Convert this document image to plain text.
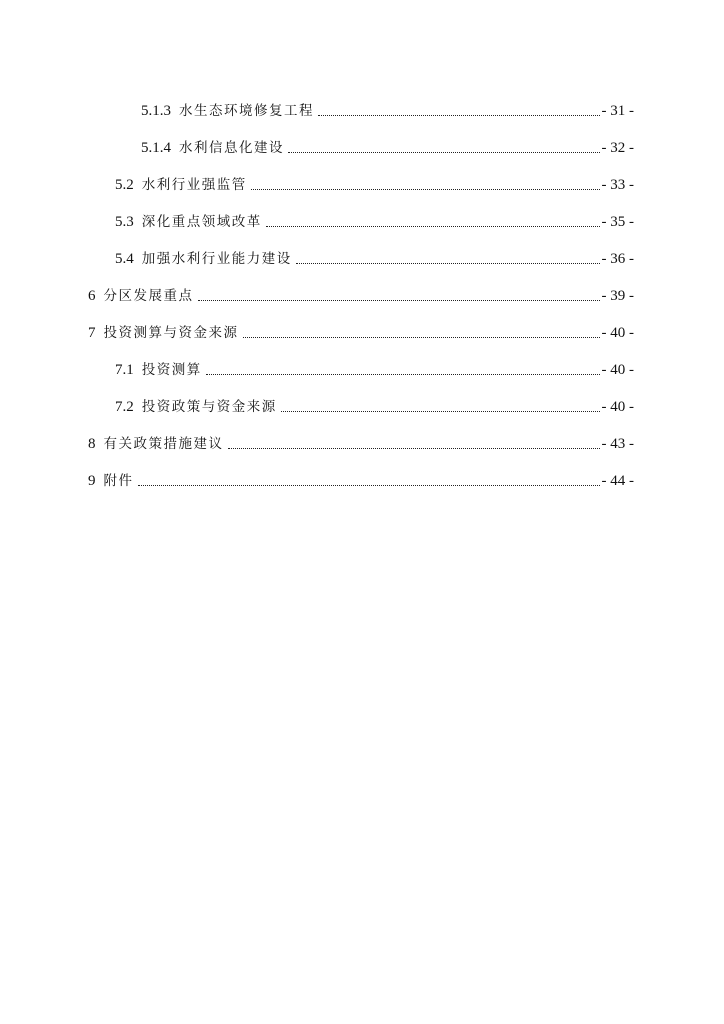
5.1.3 水生态环境修复工程	- 31 -
5.1.4 水利信息化建设	- 32 -
5.2 水利行业强监管	- 33 -
5.3 深化重点领域改革	- 35 -
5.4 加强水利行业能力建设	- 36 -
6 分区发展重点	- 39 -
7 投资测算与资金来源	- 40 -
7.1 投资测算	- 40 -
7.2 投资政策与资金来源	- 40 -
8 有关政策措施建议	- 43 -
9 附件	- 44 -
